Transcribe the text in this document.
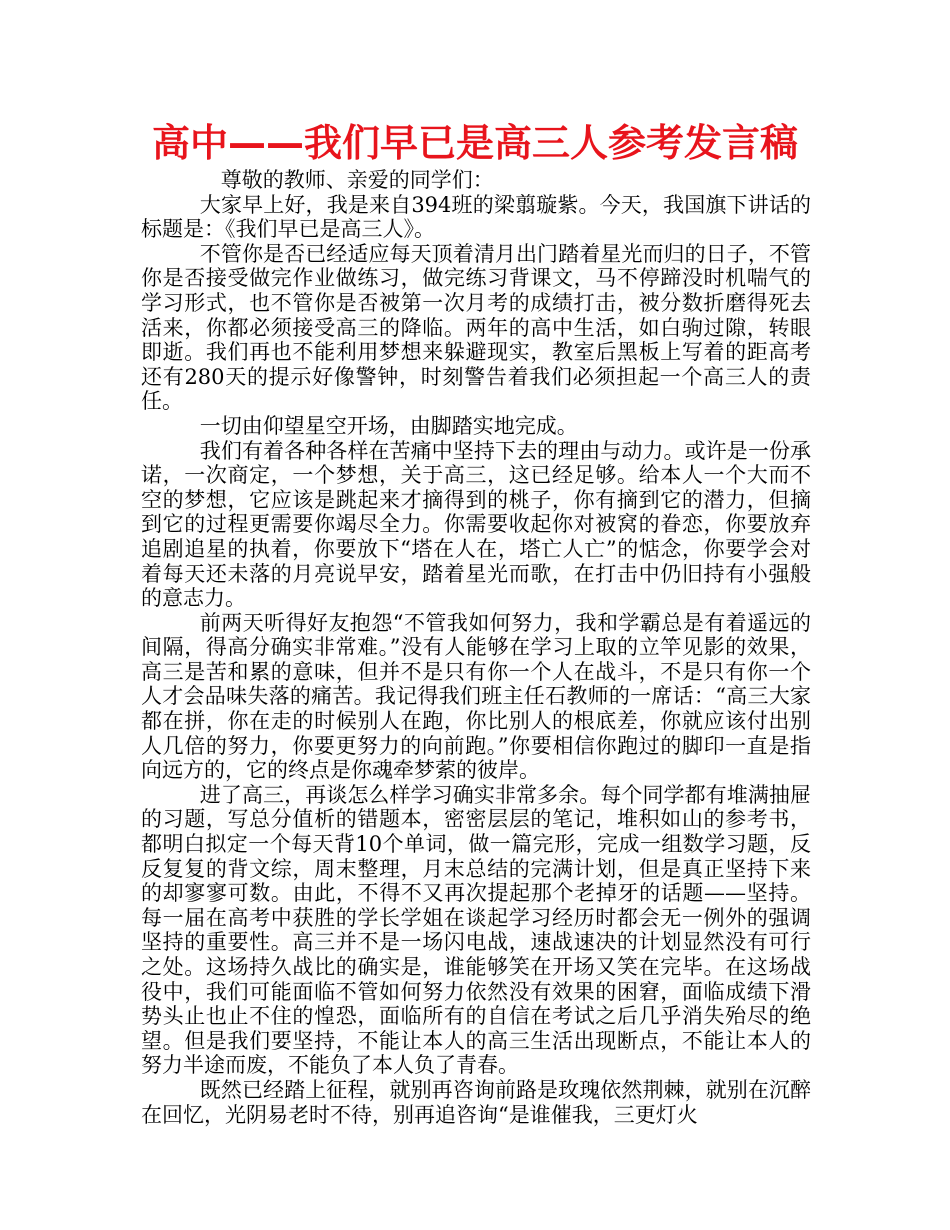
高中——我们早已是高三人参考发言稿

尊敬的教师、亲爱的同学们：

大家早上好，我是来自394班的梁翦璇紫。今天，我国旗下讲话的标题是：《我们早已是高三人》。

不管你是否已经适应每天顶着清月出门踏着星光而归的日子，不管你是否接受做完作业做练习，做完练习背课文，马不停蹄没时机喘气的学习形式，也不管你是否被第一次月考的成绩打击，被分数折磨得死去活来，你都必须接受高三的降临。两年的高中生活，如白驹过隙，转眼即逝。我们再也不能利用梦想来躲避现实，教室后黑板上写着的距高考还有280天的提示好像警钟，时刻警告着我们必须担起一个高三人的责任。

一切由仰望星空开场，由脚踏实地完成。

我们有着各种各样在苦痛中坚持下去的理由与动力。或许是一份承诺，一次商定，一个梦想，关于高三，这已经足够。给本人一个大而不空的梦想，它应该是跳起来才摘得到的桃子，你有摘到它的潜力，但摘到它的过程更需要你竭尽全力。你需要收起你对被窝的眷恋，你要放弃追剧追星的执着，你要放下“塔在人在，塔亡人亡”的惦念，你要学会对着每天还未落的月亮说早安，踏着星光而歌，在打击中仍旧持有小强般的意志力。

前两天听得好友抱怨“不管我如何努力，我和学霸总是有着遥远的间隔，得高分确实非常难。”没有人能够在学习上取的立竿见影的效果，高三是苦和累的意味，但并不是只有你一个人在战斗，不是只有你一个人才会品味失落的痛苦。我记得我们班主任石教师的一席话：“高三大家都在拼，你在走的时候别人在跑，你比别人的根底差，你就应该付出别人几倍的努力，你要更努力的向前跑。”你要相信你跑过的脚印一直是指向远方的，它的终点是你魂牵梦萦的彼岸。

进了高三，再谈怎么样学习确实非常多余。每个同学都有堆满抽屉的习题，写总分值析的错题本，密密层层的笔记，堆积如山的参考书，都明白拟定一个每天背10个单词，做一篇完形，完成一组数学习题，反反复复的背文综，周末整理，月末总结的完满计划，但是真正坚持下来的却寥寥可数。由此，不得不又再次提起那个老掉牙的话题——坚持。每一届在高考中获胜的学长学姐在谈起学习经历时都会无一例外的强调坚持的重要性。高三并不是一场闪电战，速战速决的计划显然没有可行之处。这场持久战比的确实是，谁能够笑在开场又笑在完毕。在这场战役中，我们可能面临不管如何努力依然没有效果的困窘，面临成绩下滑势头止也止不住的惶恐，面临所有的自信在考试之后几乎消失殆尽的绝望。但是我们要坚持，不能让本人的高三生活出现断点，不能让本人的努力半途而废，不能负了本人负了青春。

既然已经踏上征程，就别再咨询前路是玫瑰依然荆棘，就别在沉醉在回忆，光阴易老时不待，别再追咨询“是谁催我，三更灯火
